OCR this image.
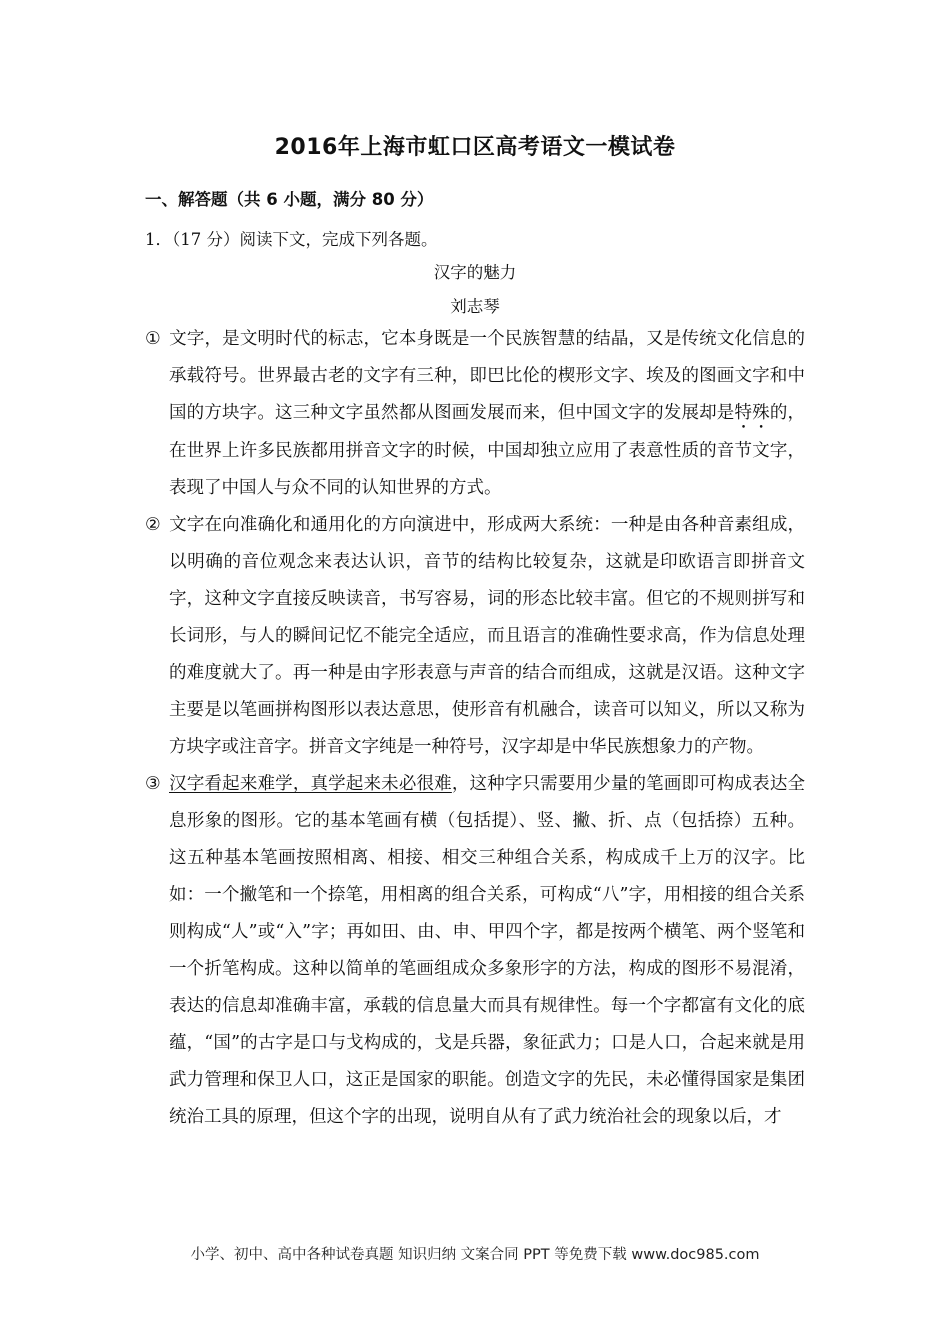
2016年上海市虹口区高考语文一模试卷
一、解答题（共 6 小题，满分 80 分）
1．（17 分）阅读下文，完成下列各题。
汉字的魅力
刘志琴

① 文字，是文明时代的标志，它本身既是一个民族智慧的结晶，又是传统文化信息的承载符号。世界最古老的文字有三种，即巴比伦的楔形文字、埃及的图画文字和中国的方块字。这三种文字虽然都从图画发展而来，但中国文字的发展却是特殊的，在世界上许多民族都用拼音文字的时候，中国却独立应用了表意性质的音节文字，表现了中国人与众不同的认知世界的方式。

② 文字在向准确化和通用化的方向演进中，形成两大系统：一种是由各种音素组成，以明确的音位观念来表达认识，音节的结构比较复杂，这就是印欧语言即拼音文字，这种文字直接反映读音，书写容易，词的形态比较丰富。但它的不规则拼写和长词形，与人的瞬间记忆不能完全适应，而且语言的准确性要求高，作为信息处理的难度就大了。再一种是由字形表意与声音的结合而组成，这就是汉语。这种文字主要是以笔画拼构图形以表达意思，使形音有机融合，读音可以知义，所以又称为方块字或注音字。拼音文字纯是一种符号，汉字却是中华民族想象力的产物。

③ 汉字看起来难学，真学起来未必很难，这种字只需要用少量的笔画即可构成表达全息形象的图形。它的基本笔画有横（包括提）、竖、撇、折、点（包括捺）五种。这五种基本笔画按照相离、相接、相交三种组合关系，构成成千上万的汉字。比如：一个撇笔和一个捺笔，用相离的组合关系，可构成“八”字，用相接的组合关系则构成“人”或“入”字；再如田、由、申、甲四个字，都是按两个横笔、两个竖笔和一个折笔构成。这种以简单的笔画组成众多象形字的方法，构成的图形不易混淆，表达的信息却准确丰富，承载的信息量大而具有规律性。每一个字都富有文化的底蕴，“国”的古字是口与戈构成的，戈是兵器，象征武力；口是人口，合起来就是用武力管理和保卫人口，这正是国家的职能。创造文字的先民，未必懂得国家是集团统治工具的原理，但这个字的出现，说明自从有了武力统治社会的现象以后，才

小学、初中、高中各种试卷真题 知识归纳 文案合同 PPT 等免费下载 www.doc985.com
